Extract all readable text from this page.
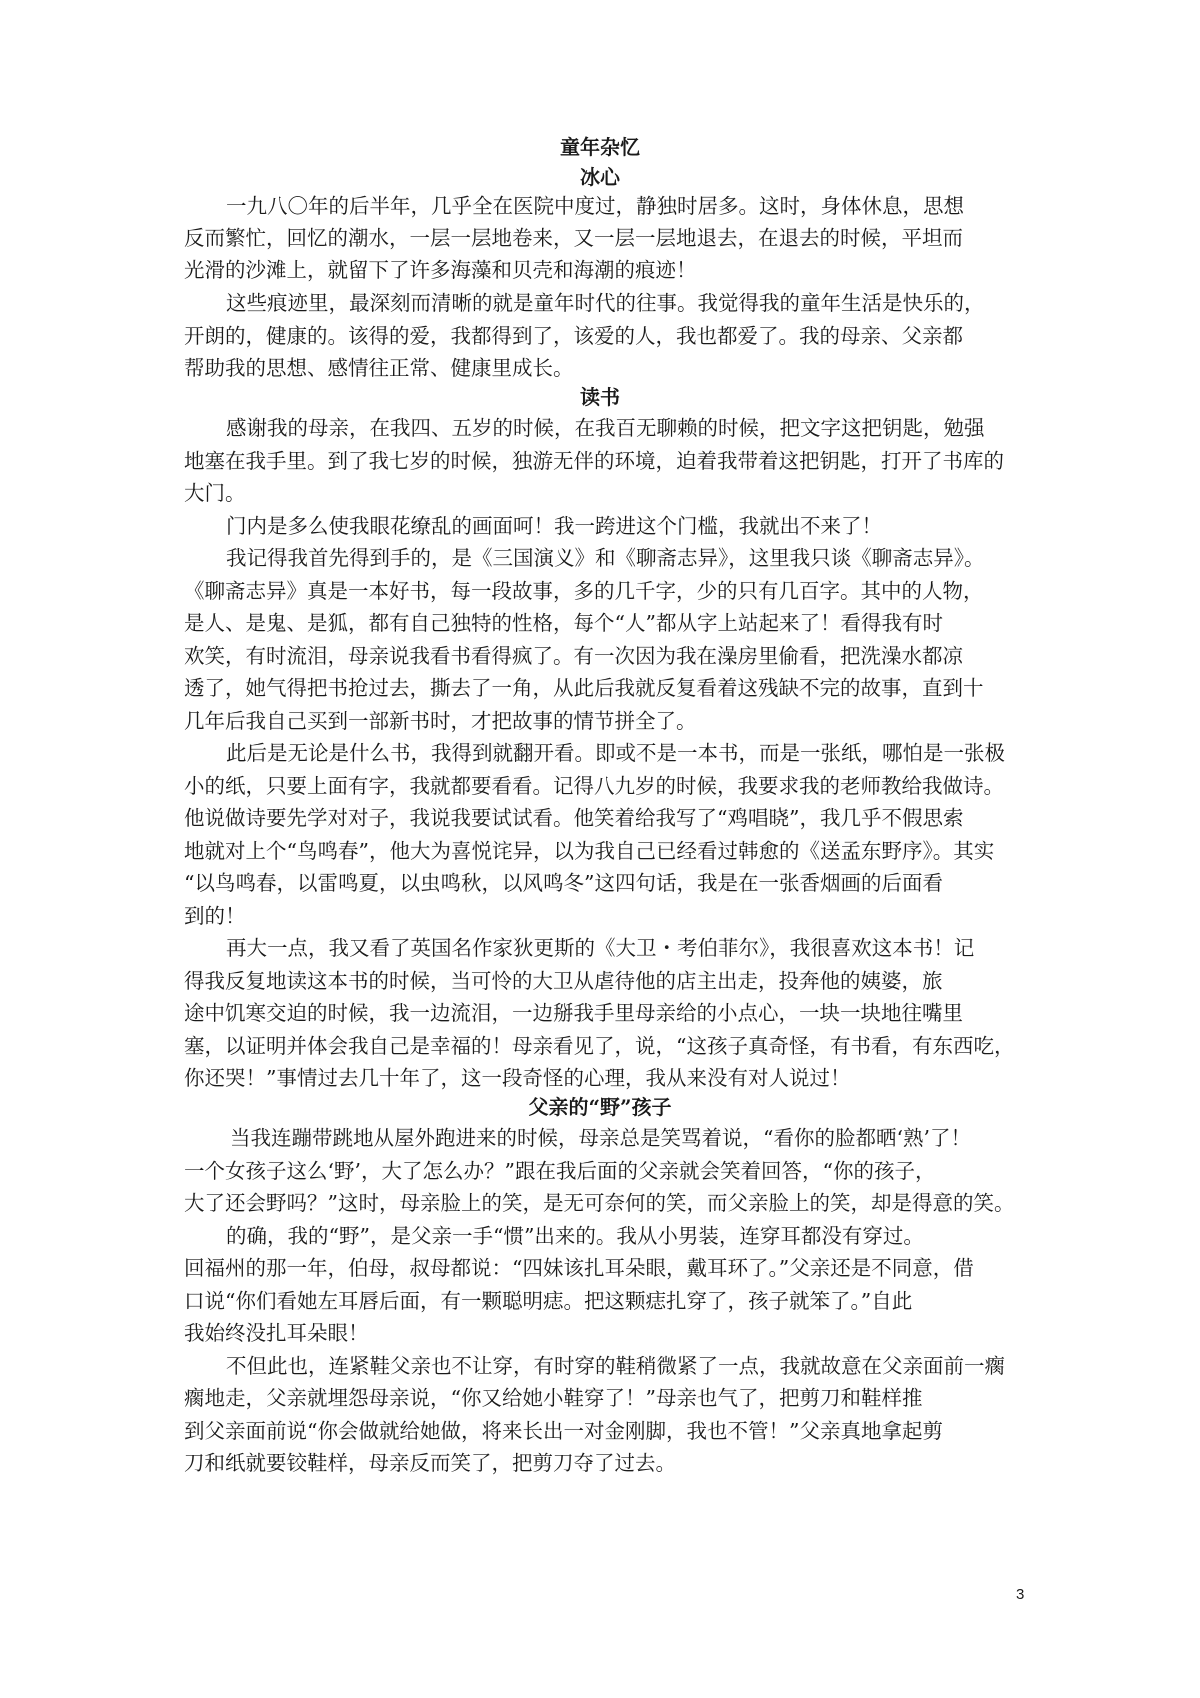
童年杂忆
冰心

一九八〇年的后半年，几乎全在医院中度过，静独时居多。这时，身体休息，思想

反而繁忙，回忆的潮水，一层一层地卷来，又一层一层地退去，在退去的时候，平坦而

光滑的沙滩上，就留下了许多海藻和贝壳和海潮的痕迹！

这些痕迹里，最深刻而清晰的就是童年时代的往事。我觉得我的童年生活是快乐的，

开朗的，健康的。该得的爱，我都得到了，该爱的人，我也都爱了。我的母亲、父亲都

帮助我的思想、感情往正常、健康里成长。

读书

感谢我的母亲，在我四、五岁的时候，在我百无聊赖的时候，把文字这把钥匙，勉强

地塞在我手里。到了我七岁的时候，独游无伴的环境，迫着我带着这把钥匙，打开了书库的

大门。

门内是多么使我眼花缭乱的画面呵！我一跨进这个门槛，我就出不来了！

我记得我首先得到手的，是《三国演义》和《聊斋志异》，这里我只谈《聊斋志异》。

《聊斋志异》真是一本好书，每一段故事，多的几千字，少的只有几百字。其中的人物，

是人、是鬼、是狐，都有自己独特的性格，每个“人”都从字上站起来了！看得我有时

欢笑，有时流泪，母亲说我看书看得疯了。有一次因为我在澡房里偷看，把洗澡水都凉

透了，她气得把书抢过去，撕去了一角，从此后我就反复看着这残缺不完的故事，直到十

几年后我自己买到一部新书时，才把故事的情节拼全了。

此后是无论是什么书，我得到就翻开看。即或不是一本书，而是一张纸，哪怕是一张极

小的纸，只要上面有字，我就都要看看。记得八九岁的时候，我要求我的老师教给我做诗。

他说做诗要先学对对子，我说我要试试看。他笑着给我写了“鸡唱晓”，我几乎不假思索

地就对上个“鸟鸣春”，他大为喜悦诧异，以为我自己已经看过韩愈的《送孟东野序》。其实

“以鸟鸣春，以雷鸣夏，以虫鸣秋，以风鸣冬”这四句话，我是在一张香烟画的后面看

到的！

再大一点，我又看了英国名作家狄更斯的《大卫・考伯菲尔》，我很喜欢这本书！记

得我反复地读这本书的时候，当可怜的大卫从虐待他的店主出走，投奔他的姨婆，旅

途中饥寒交迫的时候，我一边流泪，一边掰我手里母亲给的小点心，一块一块地往嘴里

塞，以证明并体会我自己是幸福的！母亲看见了，说，“这孩子真奇怪，有书看，有东西吃，

你还哭！”事情过去几十年了，这一段奇怪的心理，我从来没有对人说过！

父亲的“野”孩子

当我连蹦带跳地从屋外跑进来的时候，母亲总是笑骂着说，“看你的脸都晒‘熟’了！

一个女孩子这么‘野’，大了怎么办？”跟在我后面的父亲就会笑着回答，“你的孩子，

大了还会野吗？”这时，母亲脸上的笑，是无可奈何的笑，而父亲脸上的笑，却是得意的笑。

的确，我的“野”，是父亲一手“惯”出来的。我从小男装，连穿耳都没有穿过。

回福州的那一年，伯母，叔母都说：“四妹该扎耳朵眼，戴耳环了。”父亲还是不同意，借

口说“你们看她左耳唇后面，有一颗聪明痣。把这颗痣扎穿了，孩子就笨了。”自此

我始终没扎耳朵眼！

不但此也，连紧鞋父亲也不让穿，有时穿的鞋稍微紧了一点，我就故意在父亲面前一瘸

瘸地走，父亲就埋怨母亲说，“你又给她小鞋穿了！”母亲也气了，把剪刀和鞋样推

到父亲面前说“你会做就给她做，将来长出一对金刚脚，我也不管！”父亲真地拿起剪

刀和纸就要铰鞋样，母亲反而笑了，把剪刀夺了过去。

3
